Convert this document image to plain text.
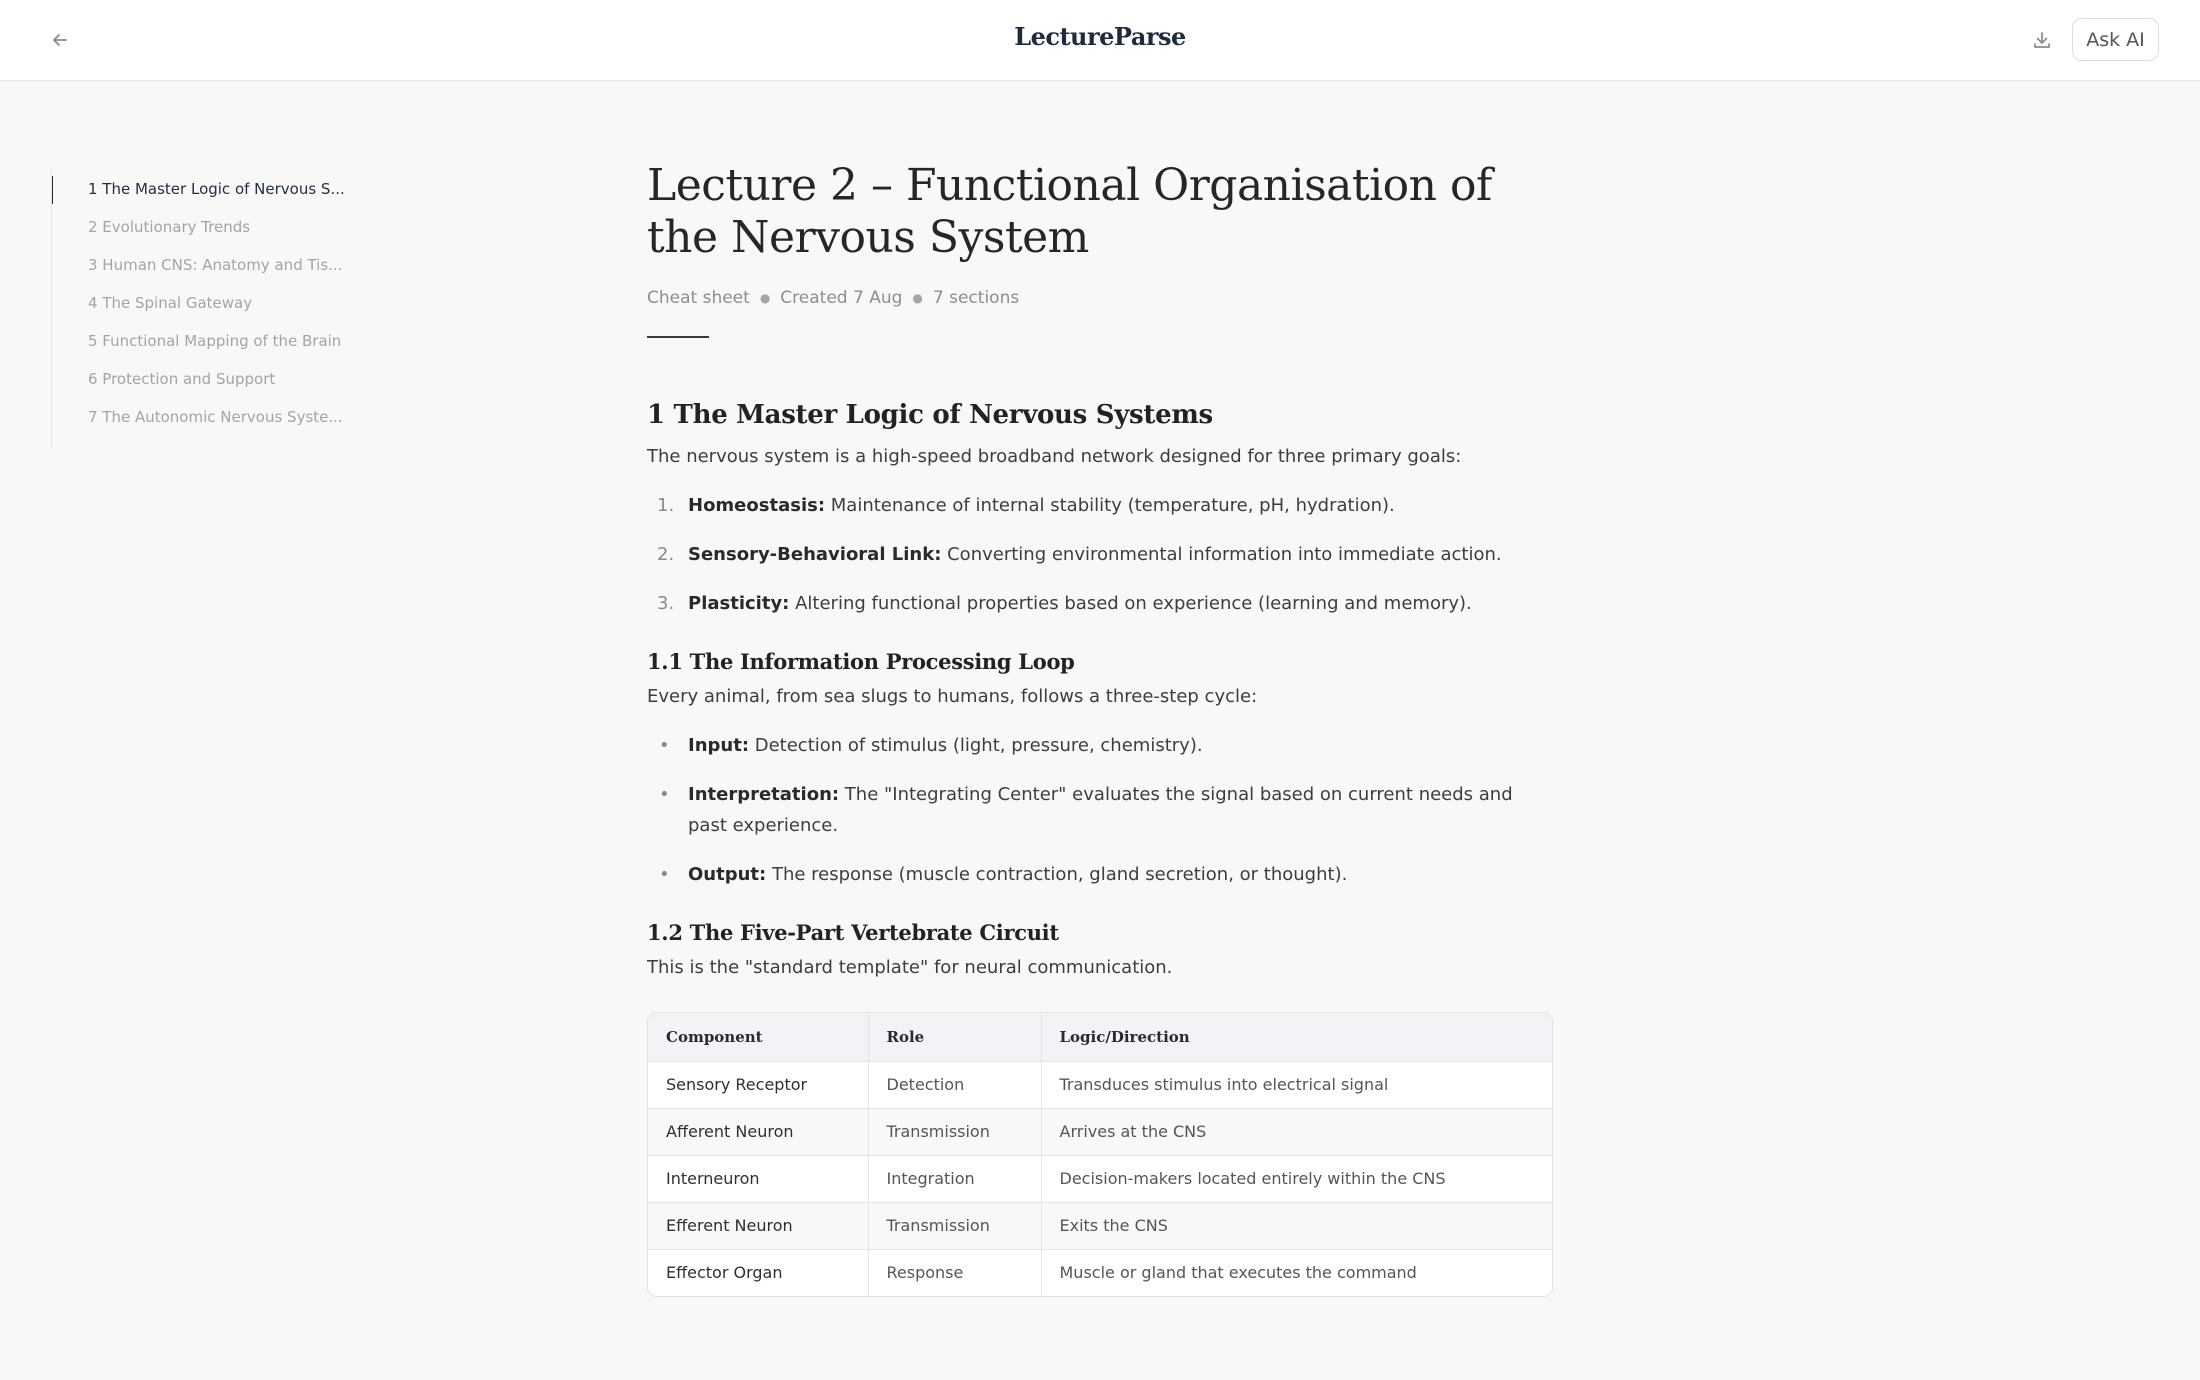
LectureParse	Ask AI
1 The Master Logic of Nervous S...
2 Evolutionary Trends
3 Human CNS: Anatomy and Tis...
4 The Spinal Gateway
5 Functional Mapping of the Brain
6 Protection and Support
7 The Autonomic Nervous Syste...
Lecture 2 – Functional Organisation of the Nervous System
Cheat sheet ● Created 7 Aug ● 7 sections
1 The Master Logic of Nervous Systems

The nervous system is a high-speed broadband network designed for three primary goals:

1. Homeostasis: Maintenance of internal stability (temperature, pH, hydration).
2. Sensory-Behavioral Link: Converting environmental information into immediate action.
3. Plasticity: Altering functional properties based on experience (learning and memory).
1.1 The Information Processing Loop

Every animal, from sea slugs to humans, follows a three-step cycle:

•	Input: Detection of stimulus (light, pressure, chemistry).
•	Interpretation: The "Integrating Center" evaluates the signal based on current needs and past experience.
•	Output: The response (muscle contraction, gland secretion, or thought).
1.2 The Five-Part Vertebrate Circuit

This is the "standard template" for neural communication.

Component	Role	Logic/Direction
Sensory Receptor	Detection	Transduces stimulus into electrical signal
Afferent Neuron	Transmission	Arrives at the CNS
Interneuron	Integration	Decision-makers located entirely within the CNS
Efferent Neuron	Transmission	Exits the CNS
Effector Organ	Response	Muscle or gland that executes the command
